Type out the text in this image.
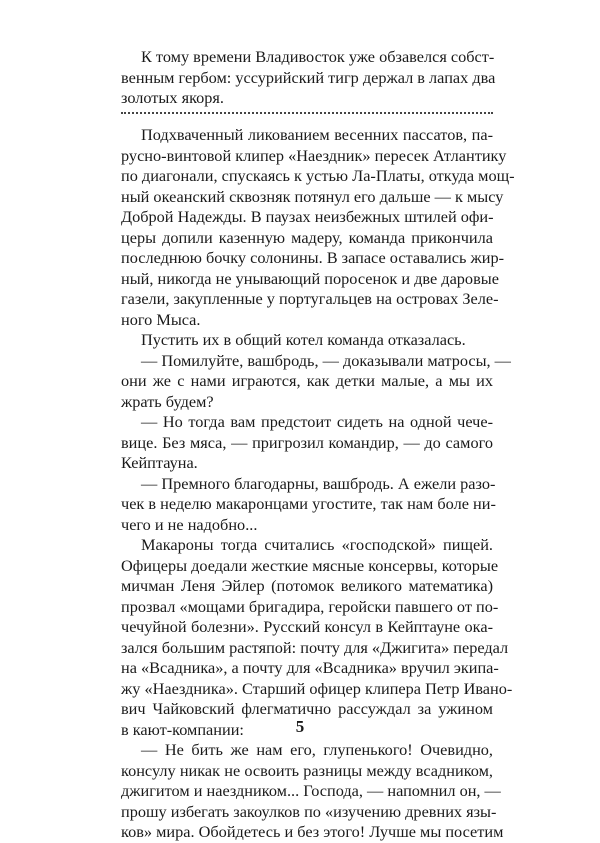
К тому времени Владивосток уже обзавелся собст-
венным гербом: уссурийский тигр держал в лапах два
золотых якоря.
Подхваченный ликованием весенних пассатов, па-
русно-винтовой клипер «Наездник» пересек Атлантику
по диагонали, спускаясь к устью Ла-Платы, откуда мощ-
ный океанский сквозняк потянул его дальше — к мысу
Доброй Надежды. В паузах неизбежных штилей офи-
церы допили казенную мадеру, команда прикончила
последнюю бочку солонины. В запасе оставались жир-
ный, никогда не унывающий поросенок и две даровые
газели, закупленные у португальцев на островах Зеле-
ного Мыса.
Пустить их в общий котел команда отказалась.
— Помилуйте, вашбродь, — доказывали матросы, —
они же с нами играются, как детки малые, а мы их
жрать будем?
— Но тогда вам предстоит сидеть на одной чече-
вице. Без мяса, — пригрозил командир, — до самого
Кейптауна.
— Премного благодарны, вашбродь. А ежели разо-
чек в неделю макаронцами угостите, так нам боле ни-
чего и не надобно...
Макароны тогда считались «господской» пищей.
Офицеры доедали жесткие мясные консервы, которые
мичман Леня Эйлер (потомок великого математика)
прозвал «мощами бригадира, геройски павшего от по-
чечуйной болезни». Русский консул в Кейптауне ока-
зался большим растяпой: почту для «Джигита» передал
на «Всадника», а почту для «Всадника» вручил экипа-
жу «Наездника». Старший офицер клипера Петр Ивано-
вич Чайковский флегматично рассуждал за ужином
в кают-компании:
— Не бить же нам его, глупенького! Очевидно,
консулу никак не освоить разницы между всадником,
джигитом и наездником... Господа, — напомнил он, —
прошу избегать закоулков по «изучению древних язы-
ков» мира. Обойдетесь и без этого! Лучше мы посетим
5
